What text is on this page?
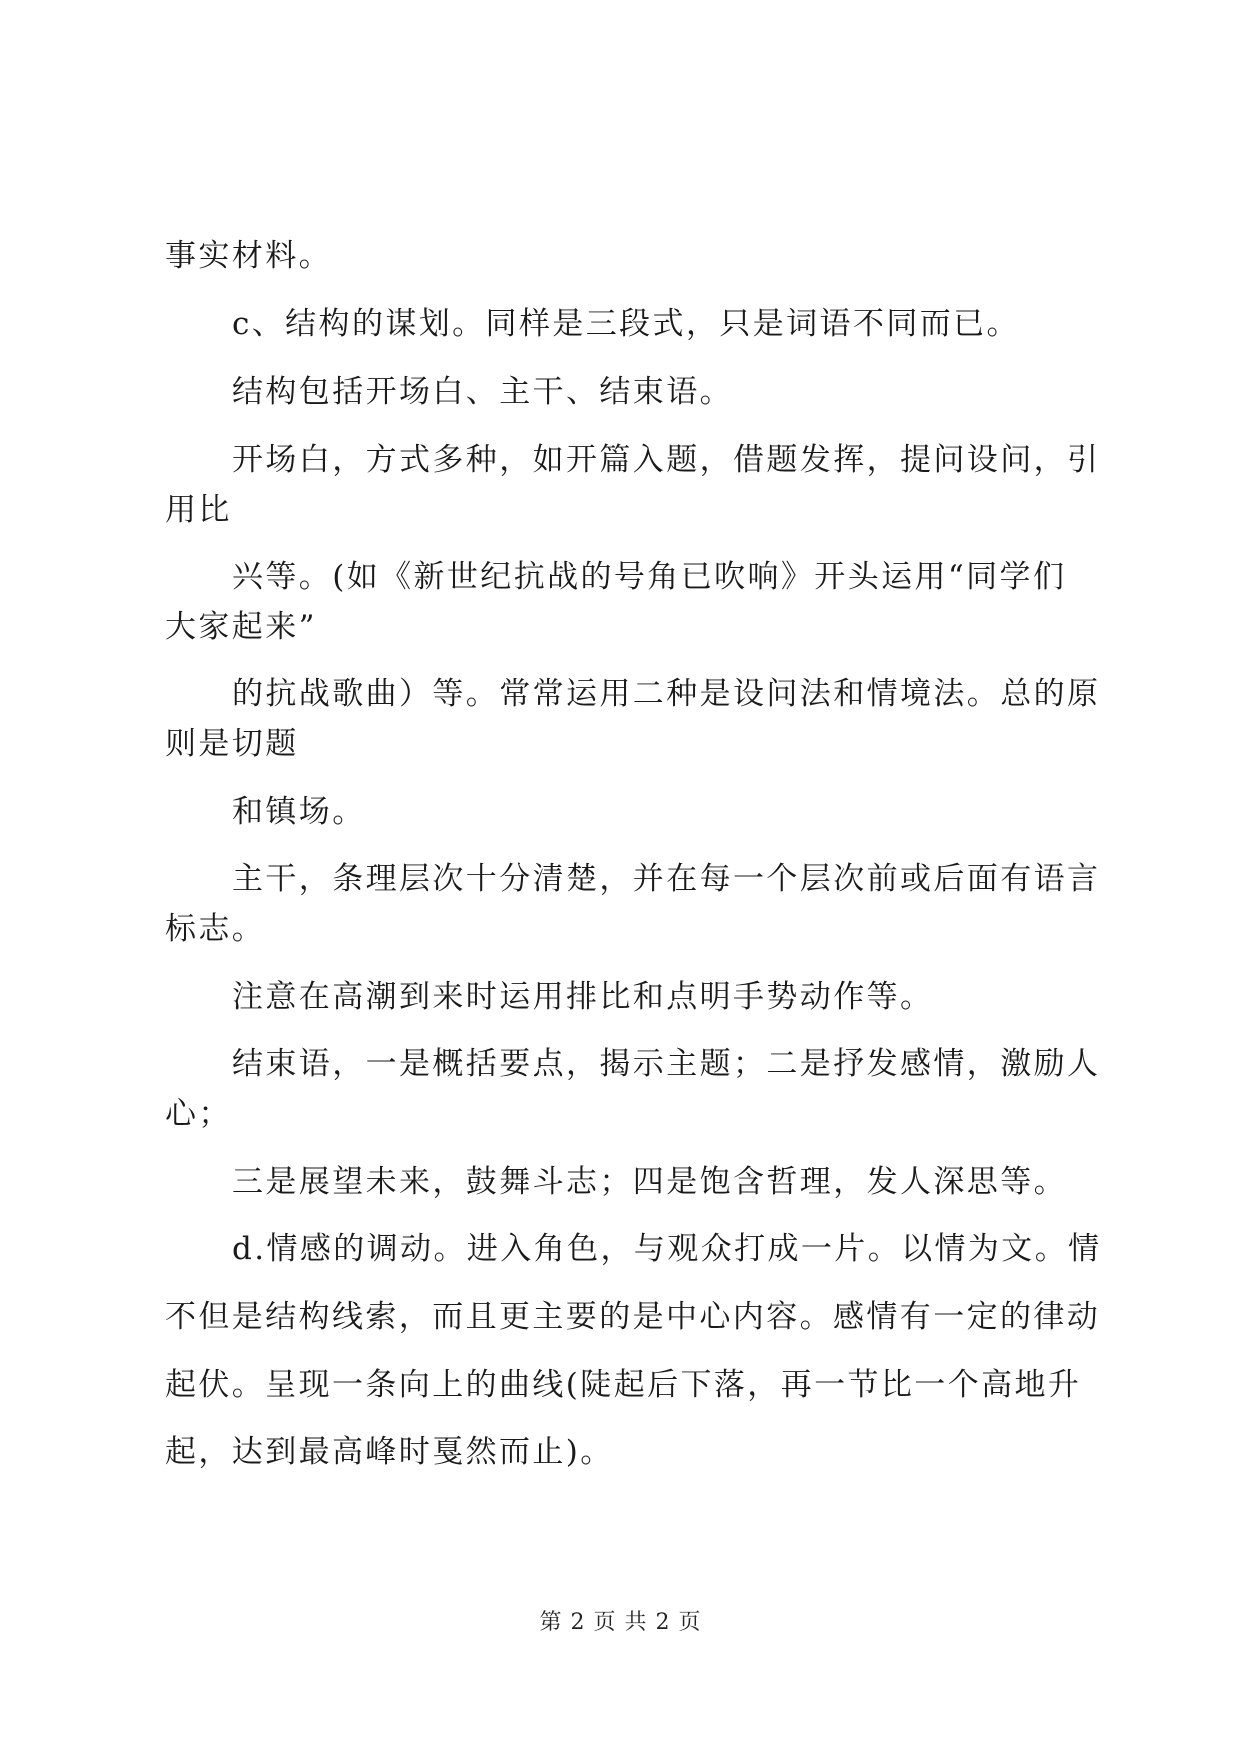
事实材料。
c、结构的谋划。同样是三段式，只是词语不同而已。
结构包括开场白、主干、结束语。
开场白，方式多种，如开篇入题，借题发挥，提问设问，引
用比
兴等。(如《新世纪抗战的号角已吹响》开头运用“同学们
大家起来”
的抗战歌曲）等。常常运用二种是设问法和情境法。总的原
则是切题
和镇场。
主干，条理层次十分清楚，并在每一个层次前或后面有语言
标志。
注意在高潮到来时运用排比和点明手势动作等。
结束语，一是概括要点，揭示主题；二是抒发感情，激励人
心；
三是展望未来，鼓舞斗志；四是饱含哲理，发人深思等。
d.情感的调动。进入角色，与观众打成一片。以情为文。情
不但是结构线索，而且更主要的是中心内容。感情有一定的律动
起伏。呈现一条向上的曲线(陡起后下落，再一节比一个高地升
起，达到最高峰时戛然而止)。
第 2 页 共 2 页
